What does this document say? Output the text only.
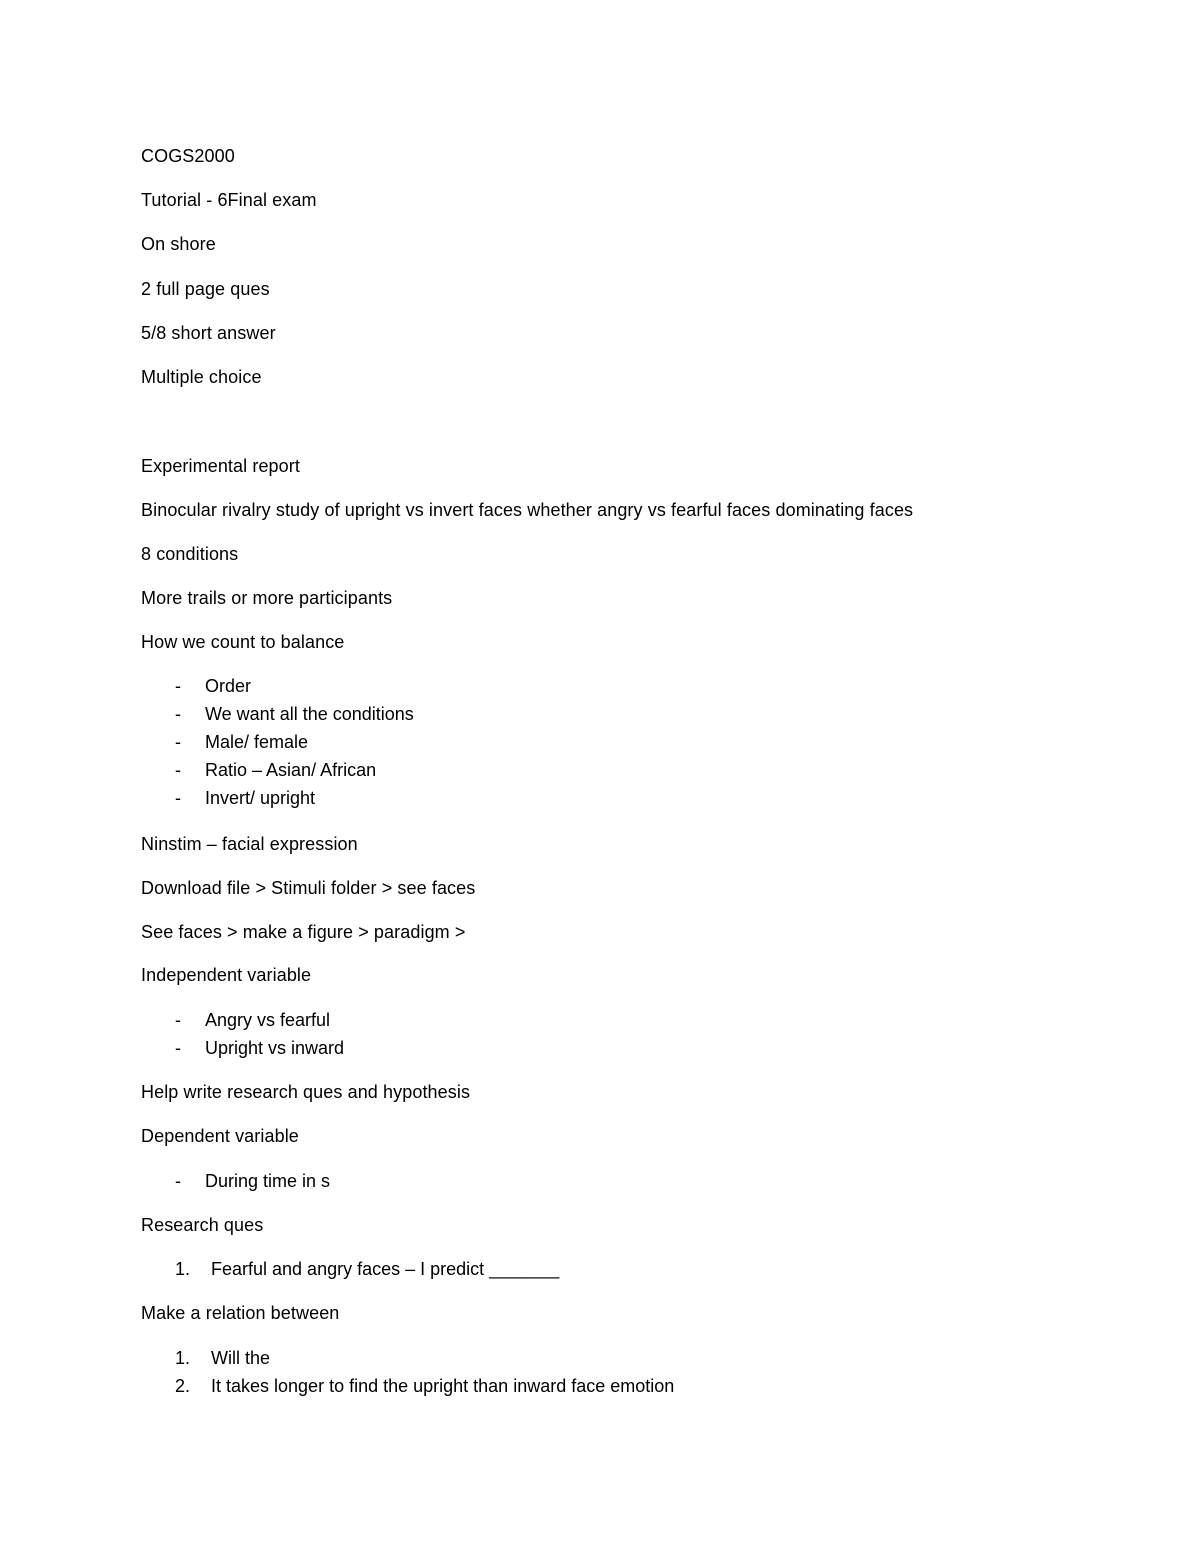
COGS2000
Tutorial - 6Final exam
On shore
2 full page ques
5/8 short answer
Multiple choice
Experimental report
Binocular rivalry study of upright vs invert faces whether angry vs fearful faces dominating faces
8 conditions
More trails or more participants
How we count to balance
- Order
- We want all the conditions
- Male/ female
- Ratio – Asian/ African
- Invert/ upright
Ninstim – facial expression
Download file > Stimuli folder > see faces
See faces > make a figure > paradigm >
Independent variable
- Angry vs fearful
- Upright vs inward
Help write research ques and hypothesis
Dependent variable
- During time in s
Research ques
1. Fearful and angry faces – I predict _______
Make a relation between
1. Will the
2. It takes longer to find the upright than inward face emotion
